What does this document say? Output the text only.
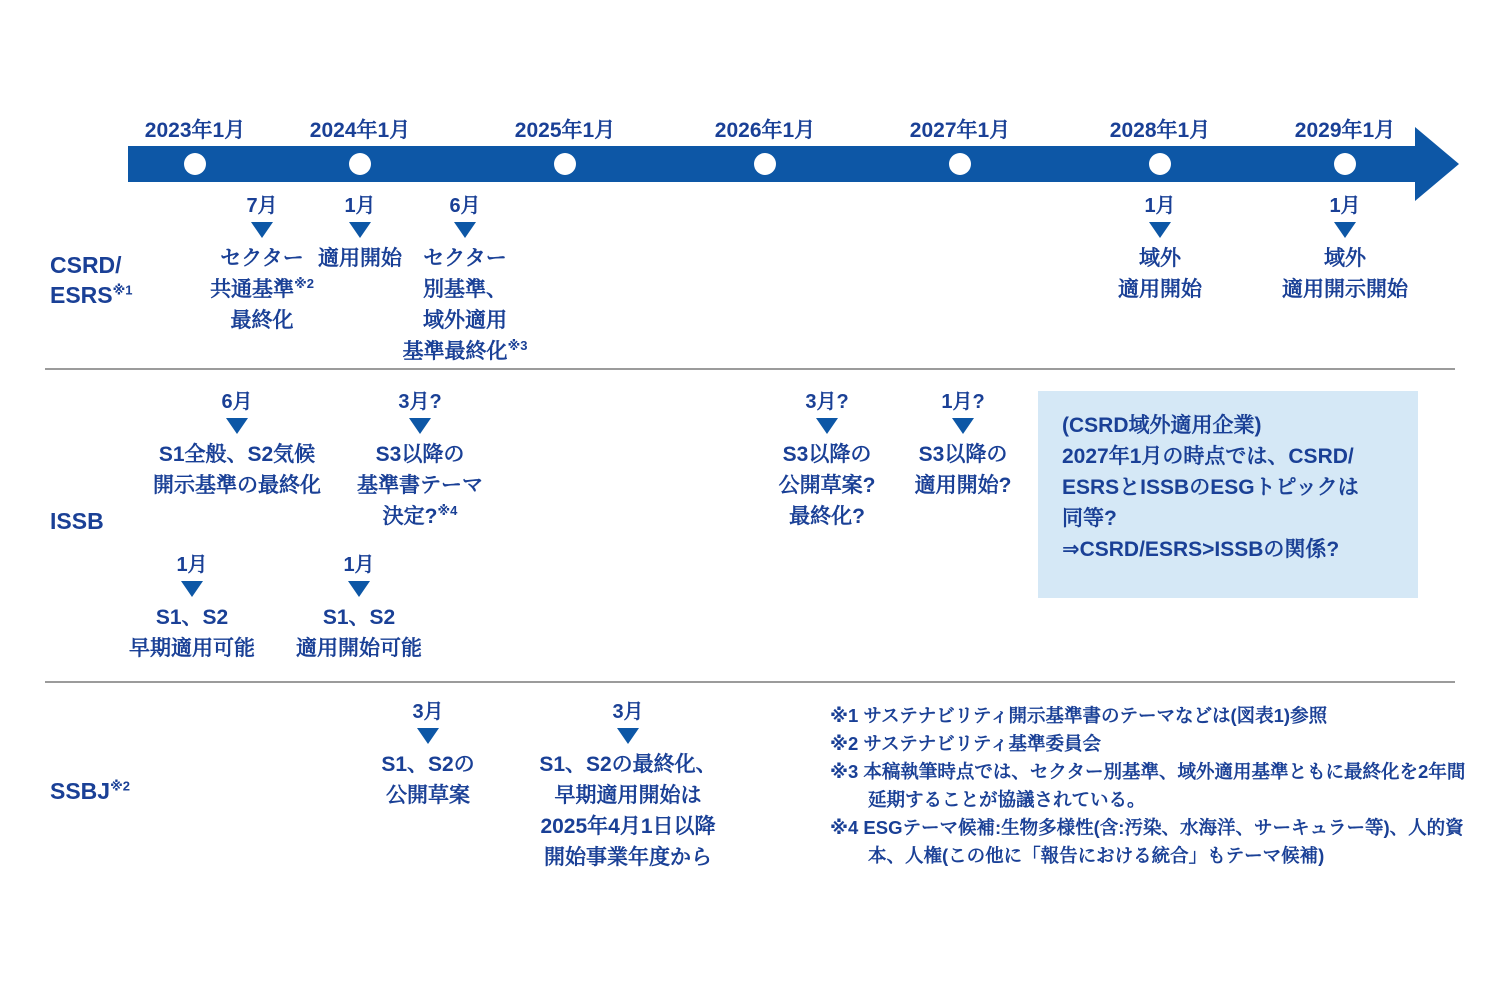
2023年1月	2024年1月	2025年1月	2026年1月	2027年1月	2028年1月	2029年1月
CSRD/
ESRS$^{※1}$
7月
セクター
共通基準$^{※2}$
最終化
1月
適用開始
6月
セクター
別基準、
域外適用
基準最終化$^{※3}$
1月
域外
適用開始
1月
域外
適用開示開始
ISSB
6月
S1全般、S2気候
開示基準の最終化
3月?
S3以降の
基準書テーマ
決定?$^{※4}$
3月?
S3以降の
公開草案?
最終化?
1月?
S3以降の
適用開始?
1月
S1、S2
早期適用可能
1月
S1、S2
適用開始可能
(CSRD域外適用企業)
2027年1月の時点では、CSRD/
ESRSとISSBのESGトピックは
同等?
⇒CSRD/ESRS>ISSBの関係?
SSBJ$^{※2}$
3月
S1、S2の
公開草案
3月
S1、S2の最終化、
早期適用開始は
2025年4月1日以降
開始事業年度から
※1 サステナビリティ開示基準書のテーマなどは(図表1)参照
※2 サステナビリティ基準委員会
※3 本稿執筆時点では、セクター別基準、域外適用基準ともに最終化を2年間延期することが協議されている。
※4 ESGテーマ候補:生物多様性(含:汚染、水海洋、サーキュラー等)、人的資本、人権(この他に「報告における統合」もテーマ候補)
